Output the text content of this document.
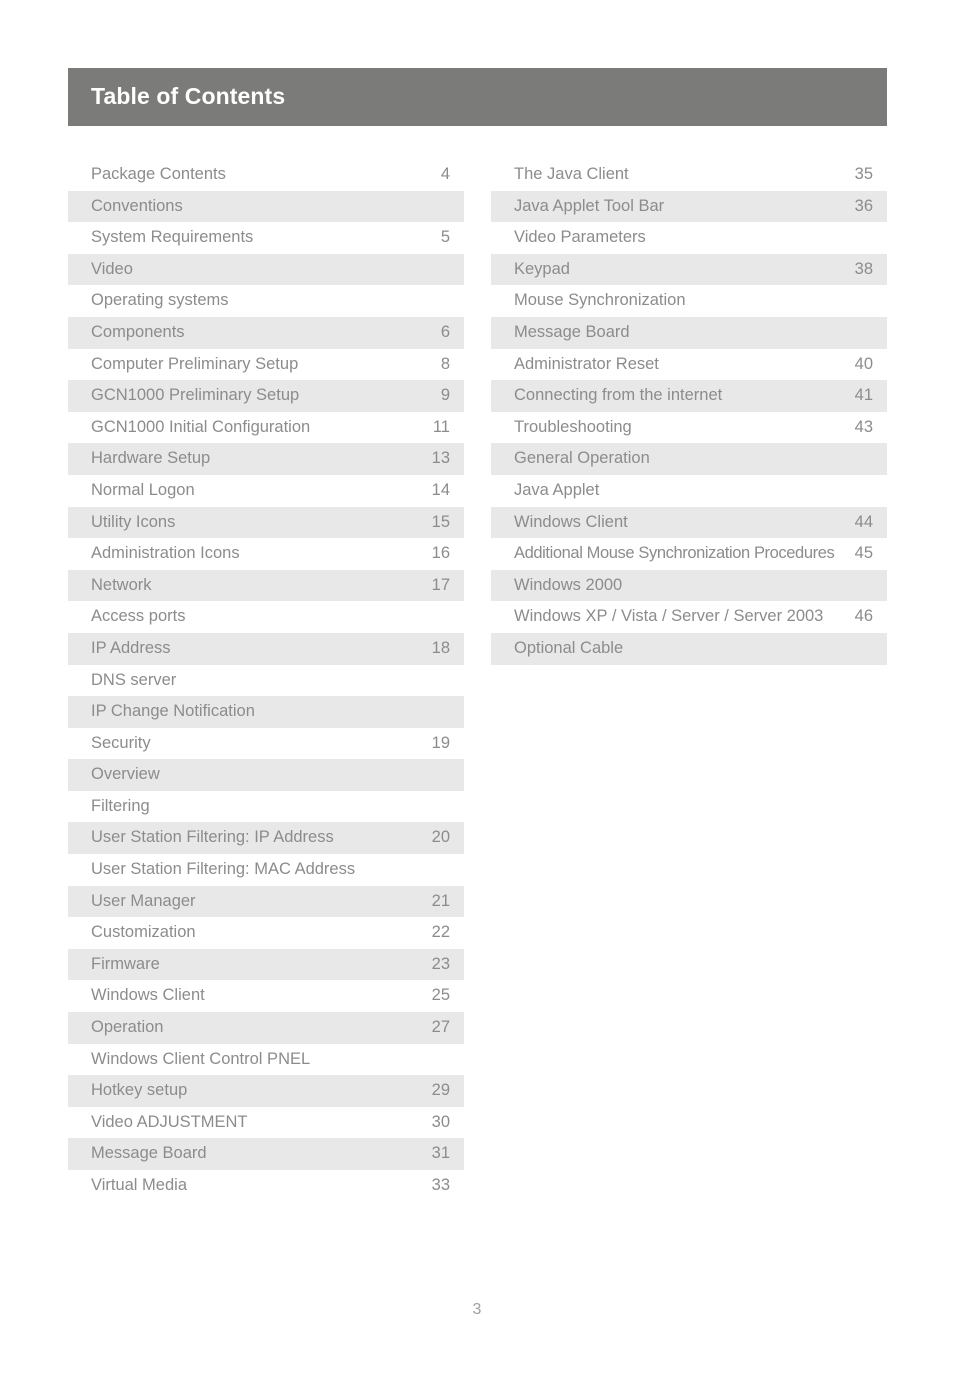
Table of Contents
Package Contents	4
Conventions
System Requirements	5
Video
Operating systems
Components	6
Computer Preliminary Setup	8
GCN1000 Preliminary Setup	9
GCN1000 Initial Configuration	11
Hardware Setup	13
Normal Logon	14
Utility Icons	15
Administration Icons	16
Network	17
Access ports
IP Address	18
DNS server
IP Change Notification
Security	19
Overview
Filtering
User Station Filtering: IP Address	20
User Station Filtering: MAC Address
User Manager	21
Customization	22
Firmware	23
Windows Client	25
Operation	27
Windows Client Control PNEL
Hotkey setup	29
Video ADJUSTMENT	30
Message Board	31
Virtual Media	33
The Java Client	35
Java Applet Tool Bar	36
Video Parameters
Keypad	38
Mouse Synchronization
Message Board
Administrator Reset	40
Connecting from the internet	41
Troubleshooting	43
General Operation
Java Applet
Windows Client	44
Additional Mouse Synchronization Procedures 45
Windows 2000
Windows XP / Vista / Server / Server 2003 46
Optional Cable
3
